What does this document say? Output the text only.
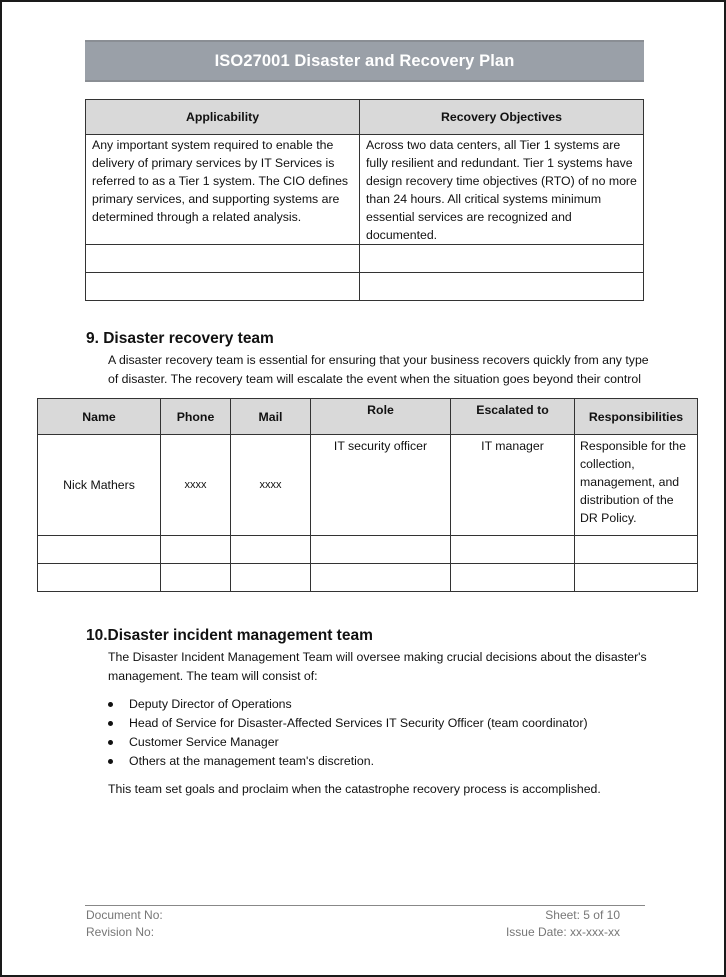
ISO27001 Disaster and Recovery Plan
Applicability	Recovery Objectives
Any important system required to enable the delivery of primary services by IT Services is referred to as a Tier 1 system. The CIO defines primary services, and supporting systems are determined through a related analysis.	Across two data centers, all Tier 1 systems are fully resilient and redundant. Tier 1 systems have design recovery time objectives (RTO) of no more than 24 hours. All critical systems minimum essential services are recognized and documented.

9. Disaster recovery team
A disaster recovery team is essential for ensuring that your business recovers quickly from any type
of disaster. The recovery team will escalate the event when the situation goes beyond their control
Name	Phone	Mail	Role	Escalated to	Responsibilities
Nick Mathers	xxxx	xxxx	IT security officer	IT manager	Responsible for the collection, management, and distribution of the DR Policy.

10.Disaster incident management team
The Disaster Incident Management Team will oversee making crucial decisions about the disaster's
management. The team will consist of:
Deputy Director of Operations
Head of Service for Disaster-Affected Services IT Security Officer (team coordinator)
Customer Service Manager
Others at the management team's discretion.
This team set goals and proclaim when the catastrophe recovery process is accomplished.
Document No:
Revision No:
Sheet: 5 of 10
Issue Date: xx-xxx-xx
